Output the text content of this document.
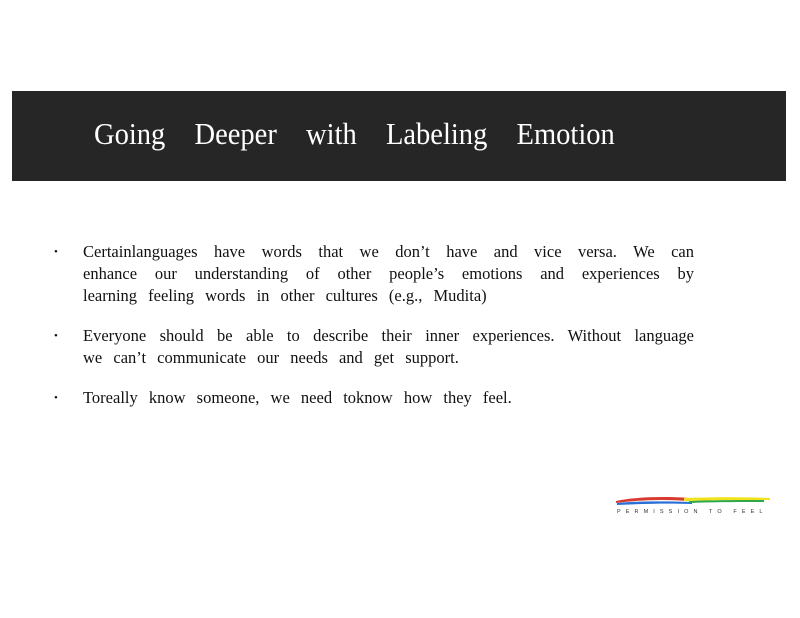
Going Deeper with Labeling Emotion
• Certainlanguages have words that we don’t have and vice versa. We can enhance our understanding of other people’s emotions and experiences by learning feeling words in other cultures (e.g., Mudita)
• Everyone should be able to describe their inner experiences. Without language we can’t communicate our needs and get support.
• Toreally know someone, we need toknow how they feel.
PERMISSION TO FEEL
